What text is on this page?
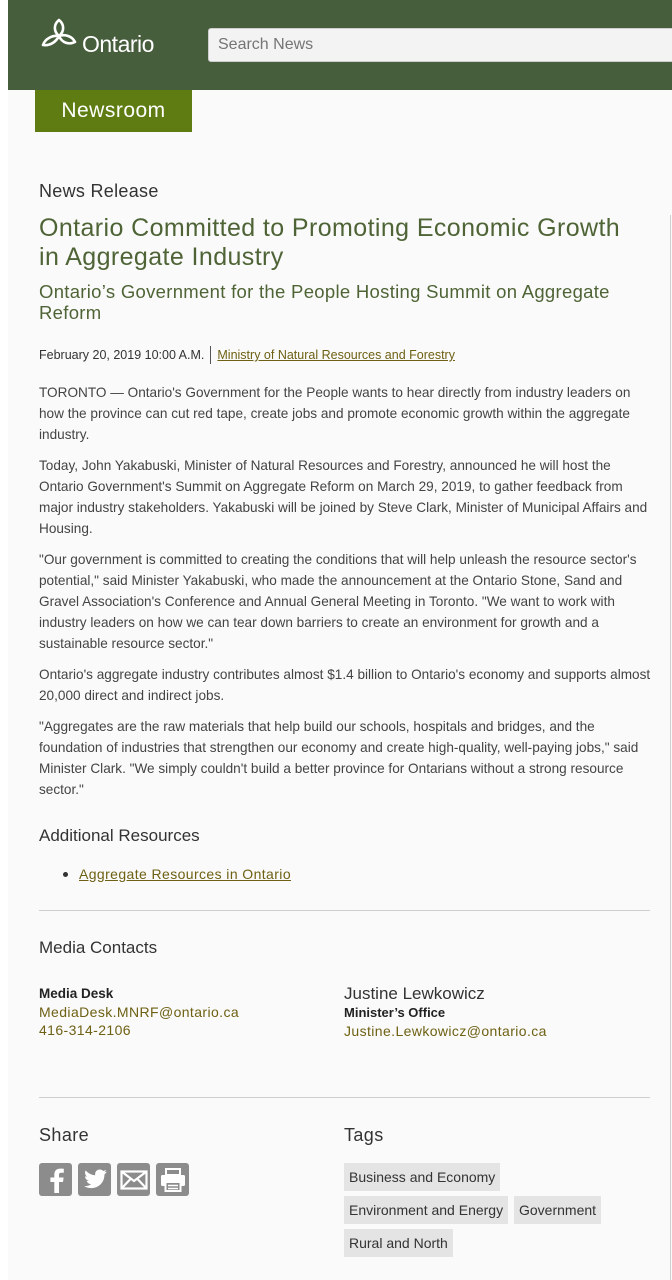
Ontario
Search News
Newsroom
News Release
Ontario Committed to Promoting Economic Growth in Aggregate Industry
Ontario’s Government for the People Hosting Summit on Aggregate Reform
February 20, 2019 10:00 A.M. Ministry of Natural Resources and Forestry

TORONTO — Ontario's Government for the People wants to hear directly from industry leaders on how the province can cut red tape, create jobs and promote economic growth within the aggregate industry.

Today, John Yakabuski, Minister of Natural Resources and Forestry, announced he will host the Ontario Government's Summit on Aggregate Reform on March 29, 2019, to gather feedback from major industry stakeholders. Yakabuski will be joined by Steve Clark, Minister of Municipal Affairs and Housing.

"Our government is committed to creating the conditions that will help unleash the resource sector's potential," said Minister Yakabuski, who made the announcement at the Ontario Stone, Sand and Gravel Association's Conference and Annual General Meeting in Toronto. "We want to work with industry leaders on how we can tear down barriers to create an environment for growth and a sustainable resource sector."

Ontario's aggregate industry contributes almost $1.4 billion to Ontario's economy and supports almost 20,000 direct and indirect jobs.

"Aggregates are the raw materials that help build our schools, hospitals and bridges, and the foundation of industries that strengthen our economy and create high-quality, well-paying jobs," said Minister Clark. "We simply couldn't build a better province for Ontarians without a strong resource sector."

Additional Resources
Aggregate Resources in Ontario
Media Contacts
Media Desk
MediaDesk.MNRF@ontario.ca
416-314-2106
Justine Lewkowicz
Minister’s Office
Justine.Lewkowicz@ontario.ca
Share	Tags
Business and Economy
Environment and Energy	Government
Rural and North
